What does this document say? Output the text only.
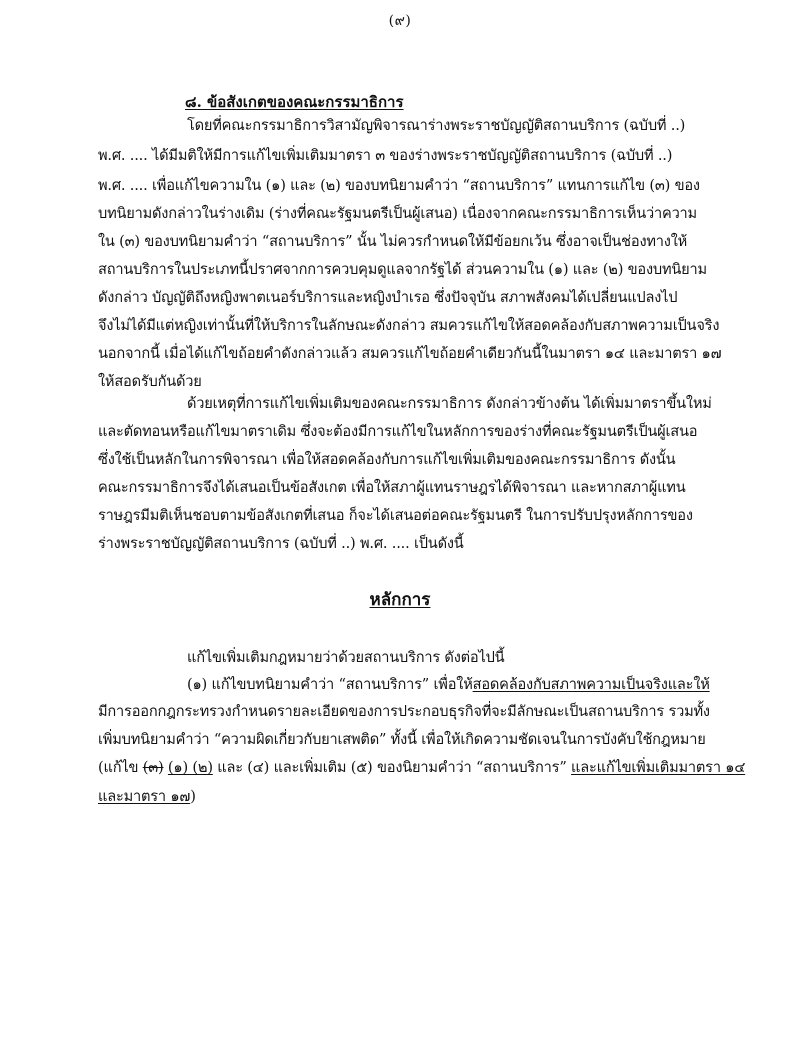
(๙)
๘. ข้อสังเกตของคณะกรรมาธิการ
โดยที่คณะกรรมาธิการวิสามัญพิจารณาร่างพระราชบัญญัติสถานบริการ (ฉบับที่ ..)
พ.ศ. .... ได้มีมติให้มีการแก้ไขเพิ่มเติมมาตรา ๓ ของร่างพระราชบัญญัติสถานบริการ (ฉบับที่ ..)
พ.ศ. .... เพื่อแก้ไขความใน (๑) และ (๒) ของบทนิยามคำว่า “สถานบริการ” แทนการแก้ไข (๓) ของ
บทนิยามดังกล่าวในร่างเดิม (ร่างที่คณะรัฐมนตรีเป็นผู้เสนอ) เนื่องจากคณะกรรมาธิการเห็นว่าความ
ใน (๓) ของบทนิยามคำว่า “สถานบริการ” นั้น ไม่ควรกำหนดให้มีข้อยกเว้น ซึ่งอาจเป็นช่องทางให้
สถานบริการในประเภทนี้ปราศจากการควบคุมดูแลจากรัฐได้ ส่วนความใน (๑) และ (๒) ของบทนิยาม
ดังกล่าว บัญญัติถึงหญิงพาตเนอร์บริการและหญิงบำเรอ ซึ่งปัจจุบัน สภาพสังคมได้เปลี่ยนแปลงไป
จึงไม่ได้มีแต่หญิงเท่านั้นที่ให้บริการในลักษณะดังกล่าว สมควรแก้ไขให้สอดคล้องกับสภาพความเป็นจริง
นอกจากนี้ เมื่อได้แก้ไขถ้อยคำดังกล่าวแล้ว สมควรแก้ไขถ้อยคำเดียวกันนี้ในมาตรา ๑๔ และมาตรา ๑๗
ให้สอดรับกันด้วย
ด้วยเหตุที่การแก้ไขเพิ่มเติมของคณะกรรมาธิการ ดังกล่าวข้างต้น ได้เพิ่มมาตราขึ้นใหม่
และตัดทอนหรือแก้ไขมาตราเดิม ซึ่งจะต้องมีการแก้ไขในหลักการของร่างที่คณะรัฐมนตรีเป็นผู้เสนอ
ซึ่งใช้เป็นหลักในการพิจารณา เพื่อให้สอดคล้องกับการแก้ไขเพิ่มเติมของคณะกรรมาธิการ ดังนั้น
คณะกรรมาธิการจึงได้เสนอเป็นข้อสังเกต เพื่อให้สภาผู้แทนราษฎรได้พิจารณา และหากสภาผู้แทน
ราษฎรมีมติเห็นชอบตามข้อสังเกตที่เสนอ ก็จะได้เสนอต่อคณะรัฐมนตรี ในการปรับปรุงหลักการของ
ร่างพระราชบัญญัติสถานบริการ (ฉบับที่ ..) พ.ศ. .... เป็นดังนี้
หลักการ
แก้ไขเพิ่มเติมกฎหมายว่าด้วยสถานบริการ ดังต่อไปนี้
(๑) แก้ไขบทนิยามคำว่า “สถานบริการ” เพื่อให้สอดคล้องกับสภาพความเป็นจริงและให้
มีการออกกฎกระทรวงกำหนดรายละเอียดของการประกอบธุรกิจที่จะมีลักษณะเป็นสถานบริการ รวมทั้ง
เพิ่มบทนิยามคำว่า “ความผิดเกี่ยวกับยาเสพติด” ทั้งนี้ เพื่อให้เกิดความชัดเจนในการบังคับใช้กฎหมาย
(แก้ไข (๓) (๑) (๒) และ (๔) และเพิ่มเติม (๕) ของนิยามคำว่า “สถานบริการ” และแก้ไขเพิ่มเติมมาตรา ๑๔
และมาตรา ๑๗)
